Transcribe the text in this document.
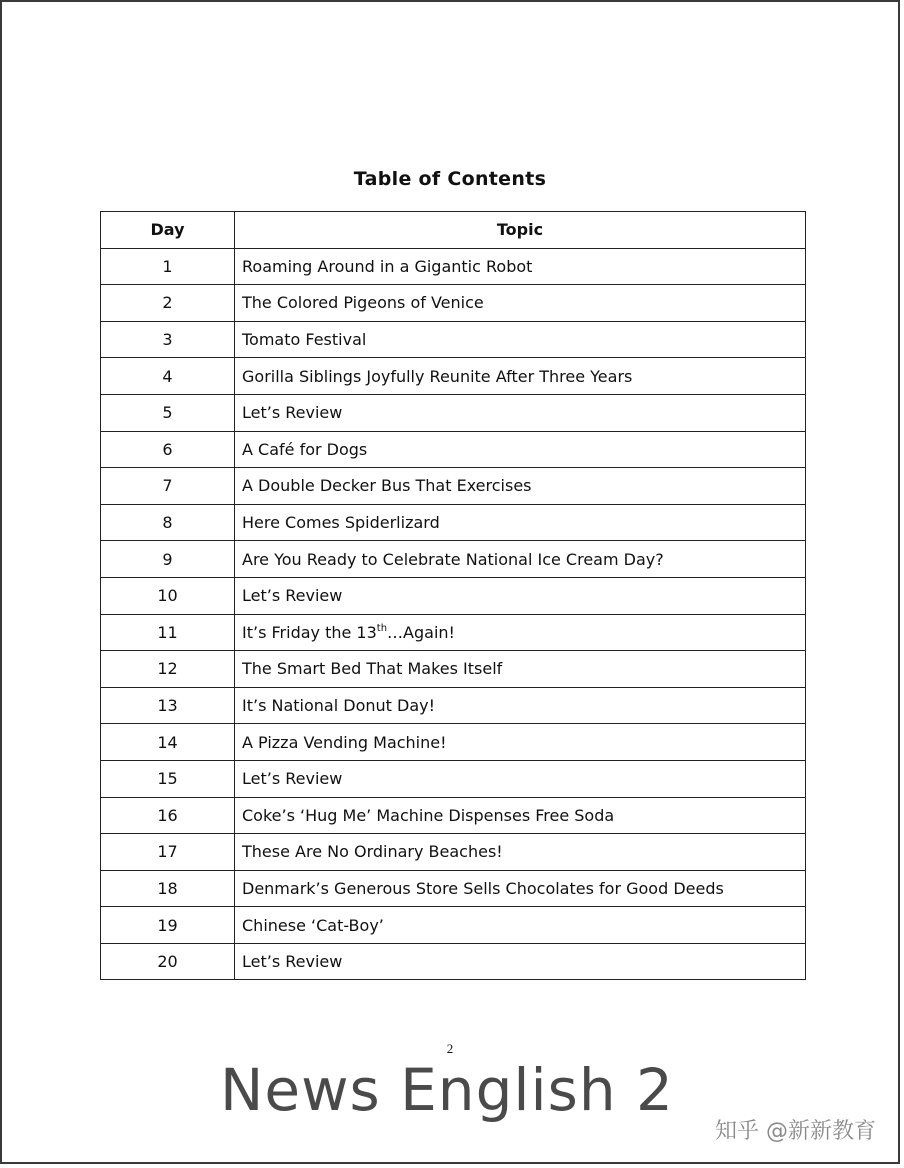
Table of Contents
Day	Topic
1	Roaming Around in a Gigantic Robot
2	The Colored Pigeons of Venice
3	Tomato Festival
4	Gorilla Siblings Joyfully Reunite After Three Years
5	Let’s Review
6	A Café for Dogs
7	A Double Decker Bus That Exercises
8	Here Comes Spiderlizard
9	Are You Ready to Celebrate National Ice Cream Day?
10	Let’s Review
11	It’s Friday the 13th…Again!
12	The Smart Bed That Makes Itself
13	It’s National Donut Day!
14	A Pizza Vending Machine!
15	Let’s Review
16	Coke’s ‘Hug Me’ Machine Dispenses Free Soda
17	These Are No Ordinary Beaches!
18	Denmark’s Generous Store Sells Chocolates for Good Deeds
19	Chinese ‘Cat-Boy’
20	Let’s Review
2
News English 2
知乎 @新新教育
